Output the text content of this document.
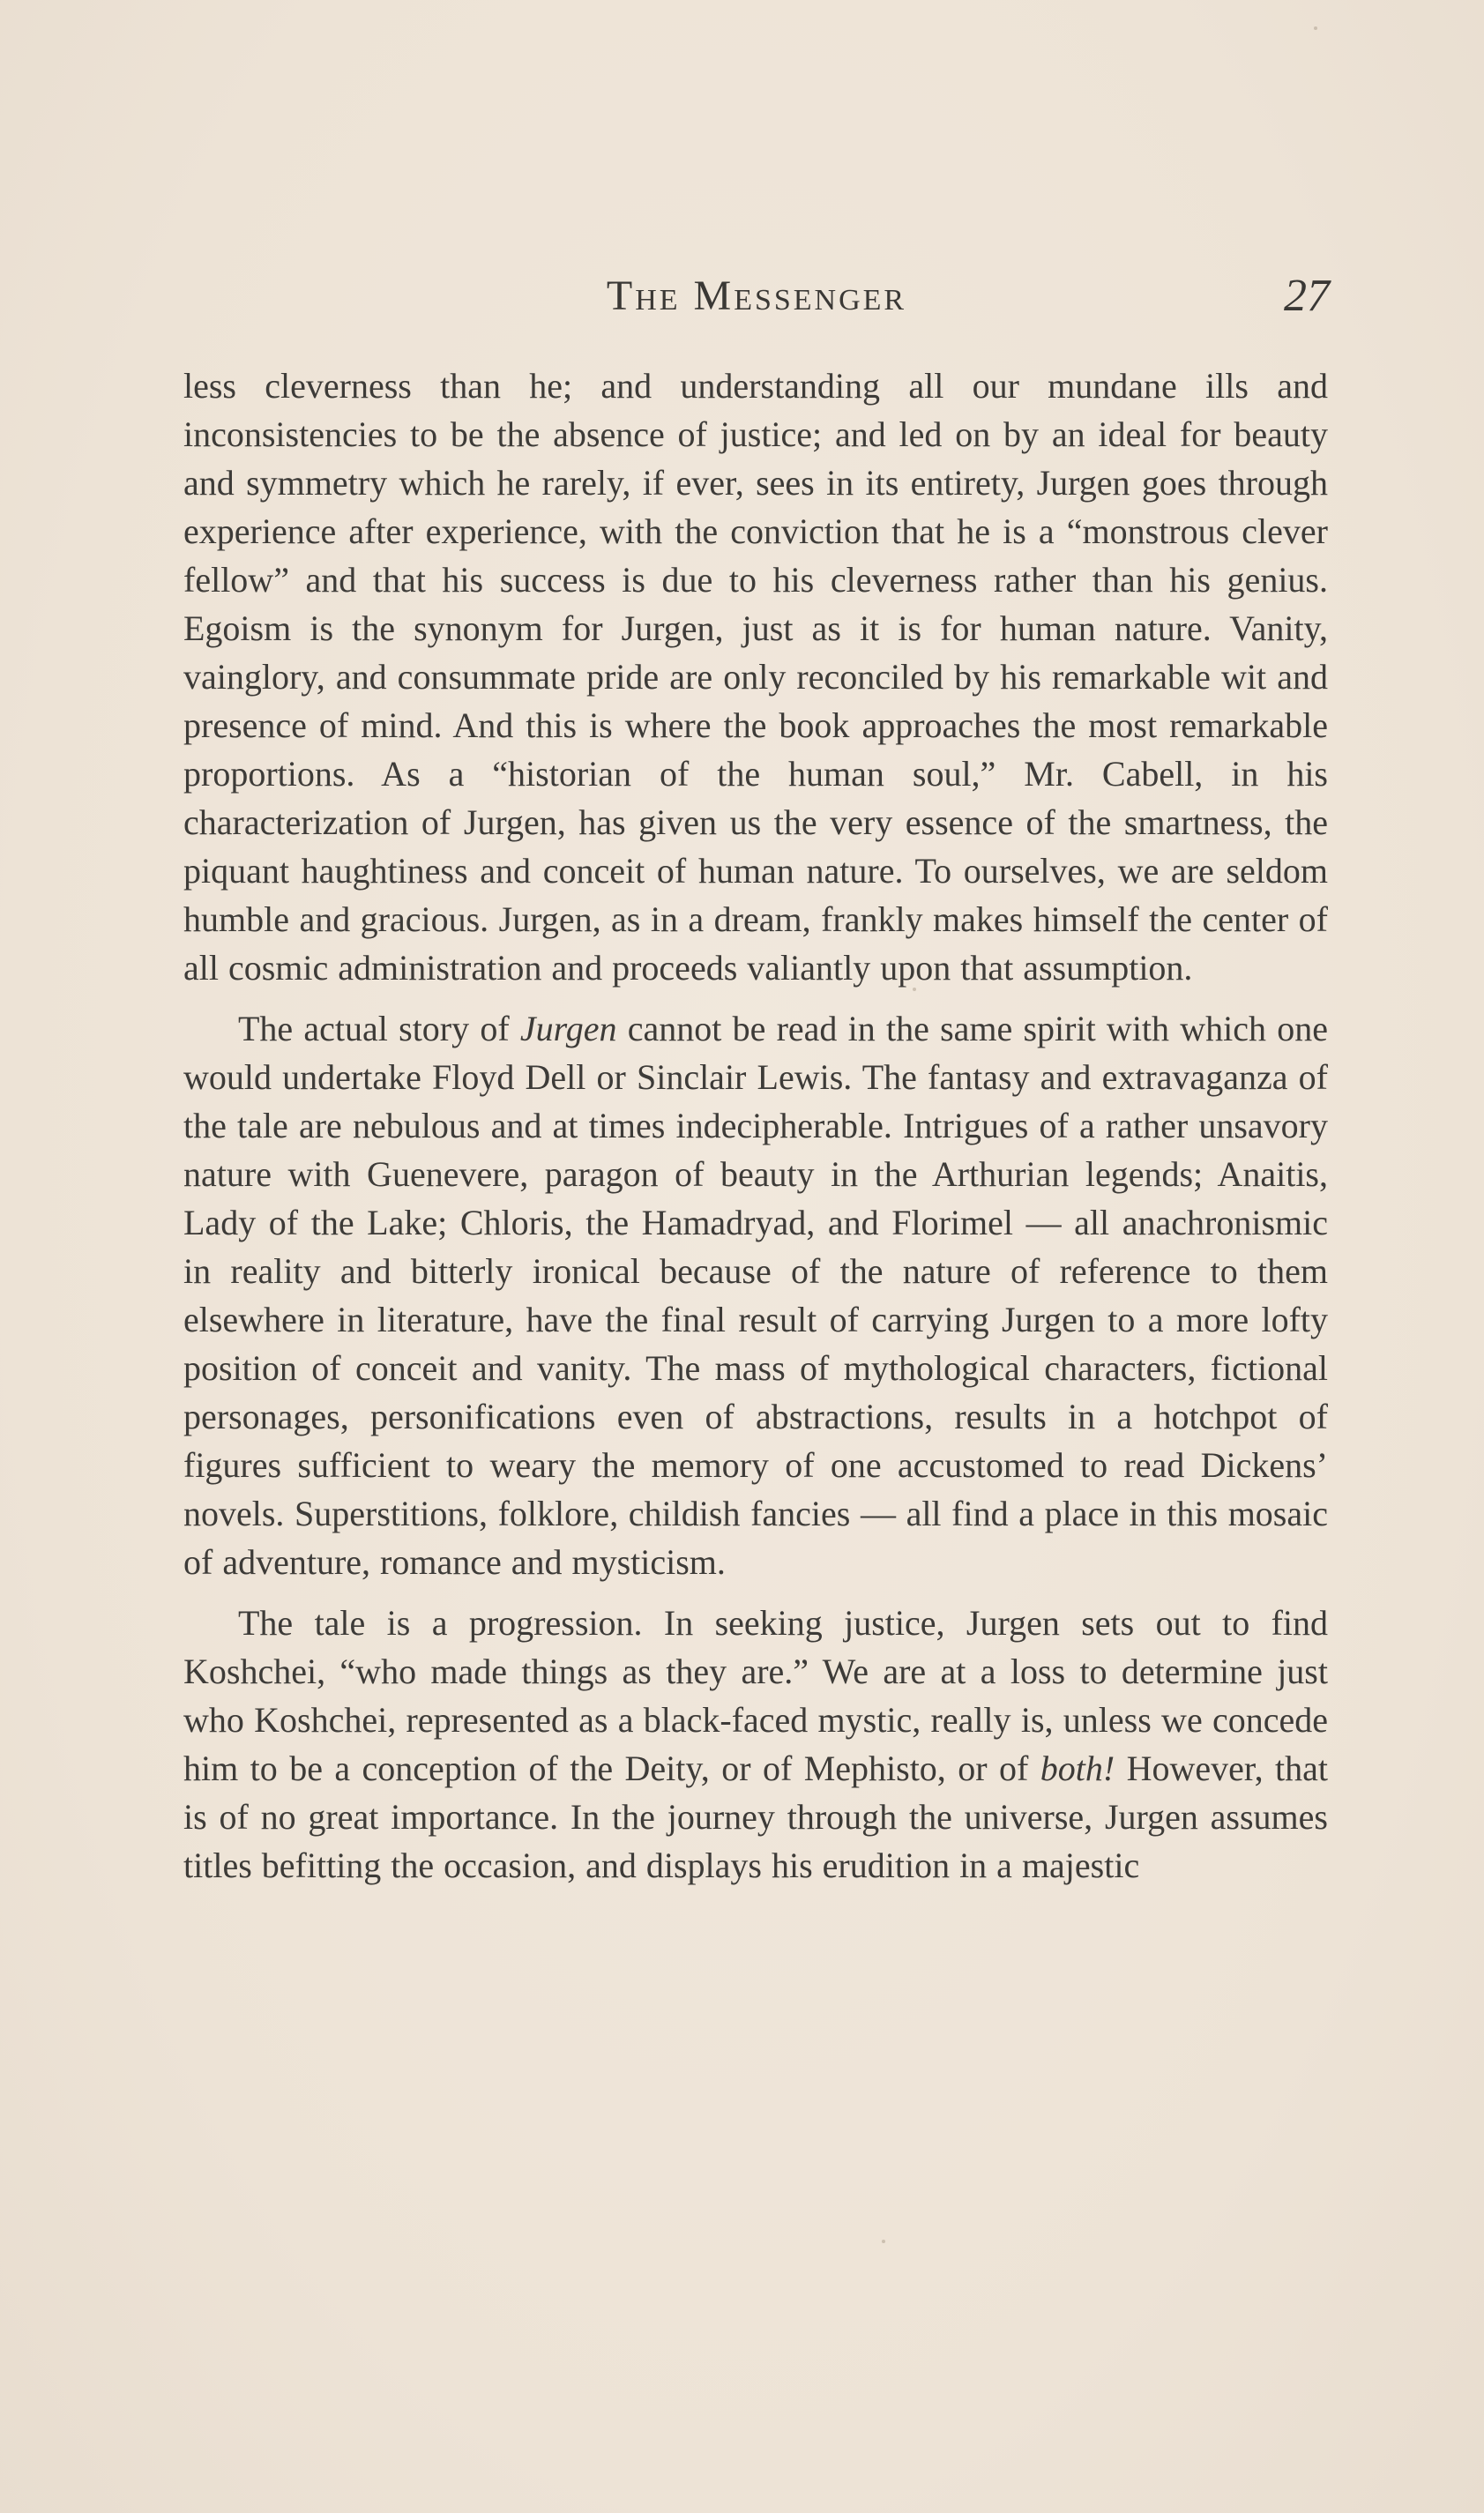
The Messenger	27

less cleverness than he; and understanding all our mundane ills and inconsistencies to be the absence of justice; and led on by an ideal for beauty and symmetry which he rarely, if ever, sees in its entirety, Jurgen goes through experience after experience, with the conviction that he is a “monstrous clever fellow” and that his success is due to his cleverness rather than his genius. Egoism is the synonym for Jurgen, just as it is for human nature. Vanity, vainglory, and consummate pride are only reconciled by his remarkable wit and presence of mind. And this is where the book approaches the most remarkable proportions. As a “historian of the human soul,” Mr. Cabell, in his characterization of Jurgen, has given us the very essence of the smartness, the piquant haughtiness and conceit of human nature. To ourselves, we are seldom humble and gracious. Jurgen, as in a dream, frankly makes himself the center of all cosmic administration and proceeds valiantly upon that assumption.

The actual story of Jurgen cannot be read in the same spirit with which one would undertake Floyd Dell or Sinclair Lewis. The fantasy and extravaganza of the tale are nebulous and at times indecipherable. Intrigues of a rather unsavory nature with Guenevere, paragon of beauty in the Arthurian legends; Anaitis, Lady of the Lake; Chloris, the Hamadryad, and Florimel — all anachronismic in reality and bitterly ironical because of the nature of reference to them elsewhere in literature, have the final result of carrying Jurgen to a more lofty position of conceit and vanity. The mass of mythological characters, fictional personages, personifications even of abstractions, results in a hotchpot of figures sufficient to weary the memory of one accustomed to read Dickens’ novels. Superstitions, folklore, childish fancies — all find a place in this mosaic of adventure, romance and mysticism.

The tale is a progression. In seeking justice, Jurgen sets out to find Koshchei, “who made things as they are.” We are at a loss to determine just who Koshchei, represented as a black-faced mystic, really is, unless we concede him to be a conception of the Deity, or of Mephisto, or of both! However, that is of no great importance. In the journey through the universe, Jurgen assumes titles befitting the occasion, and displays his erudition in a majestic
